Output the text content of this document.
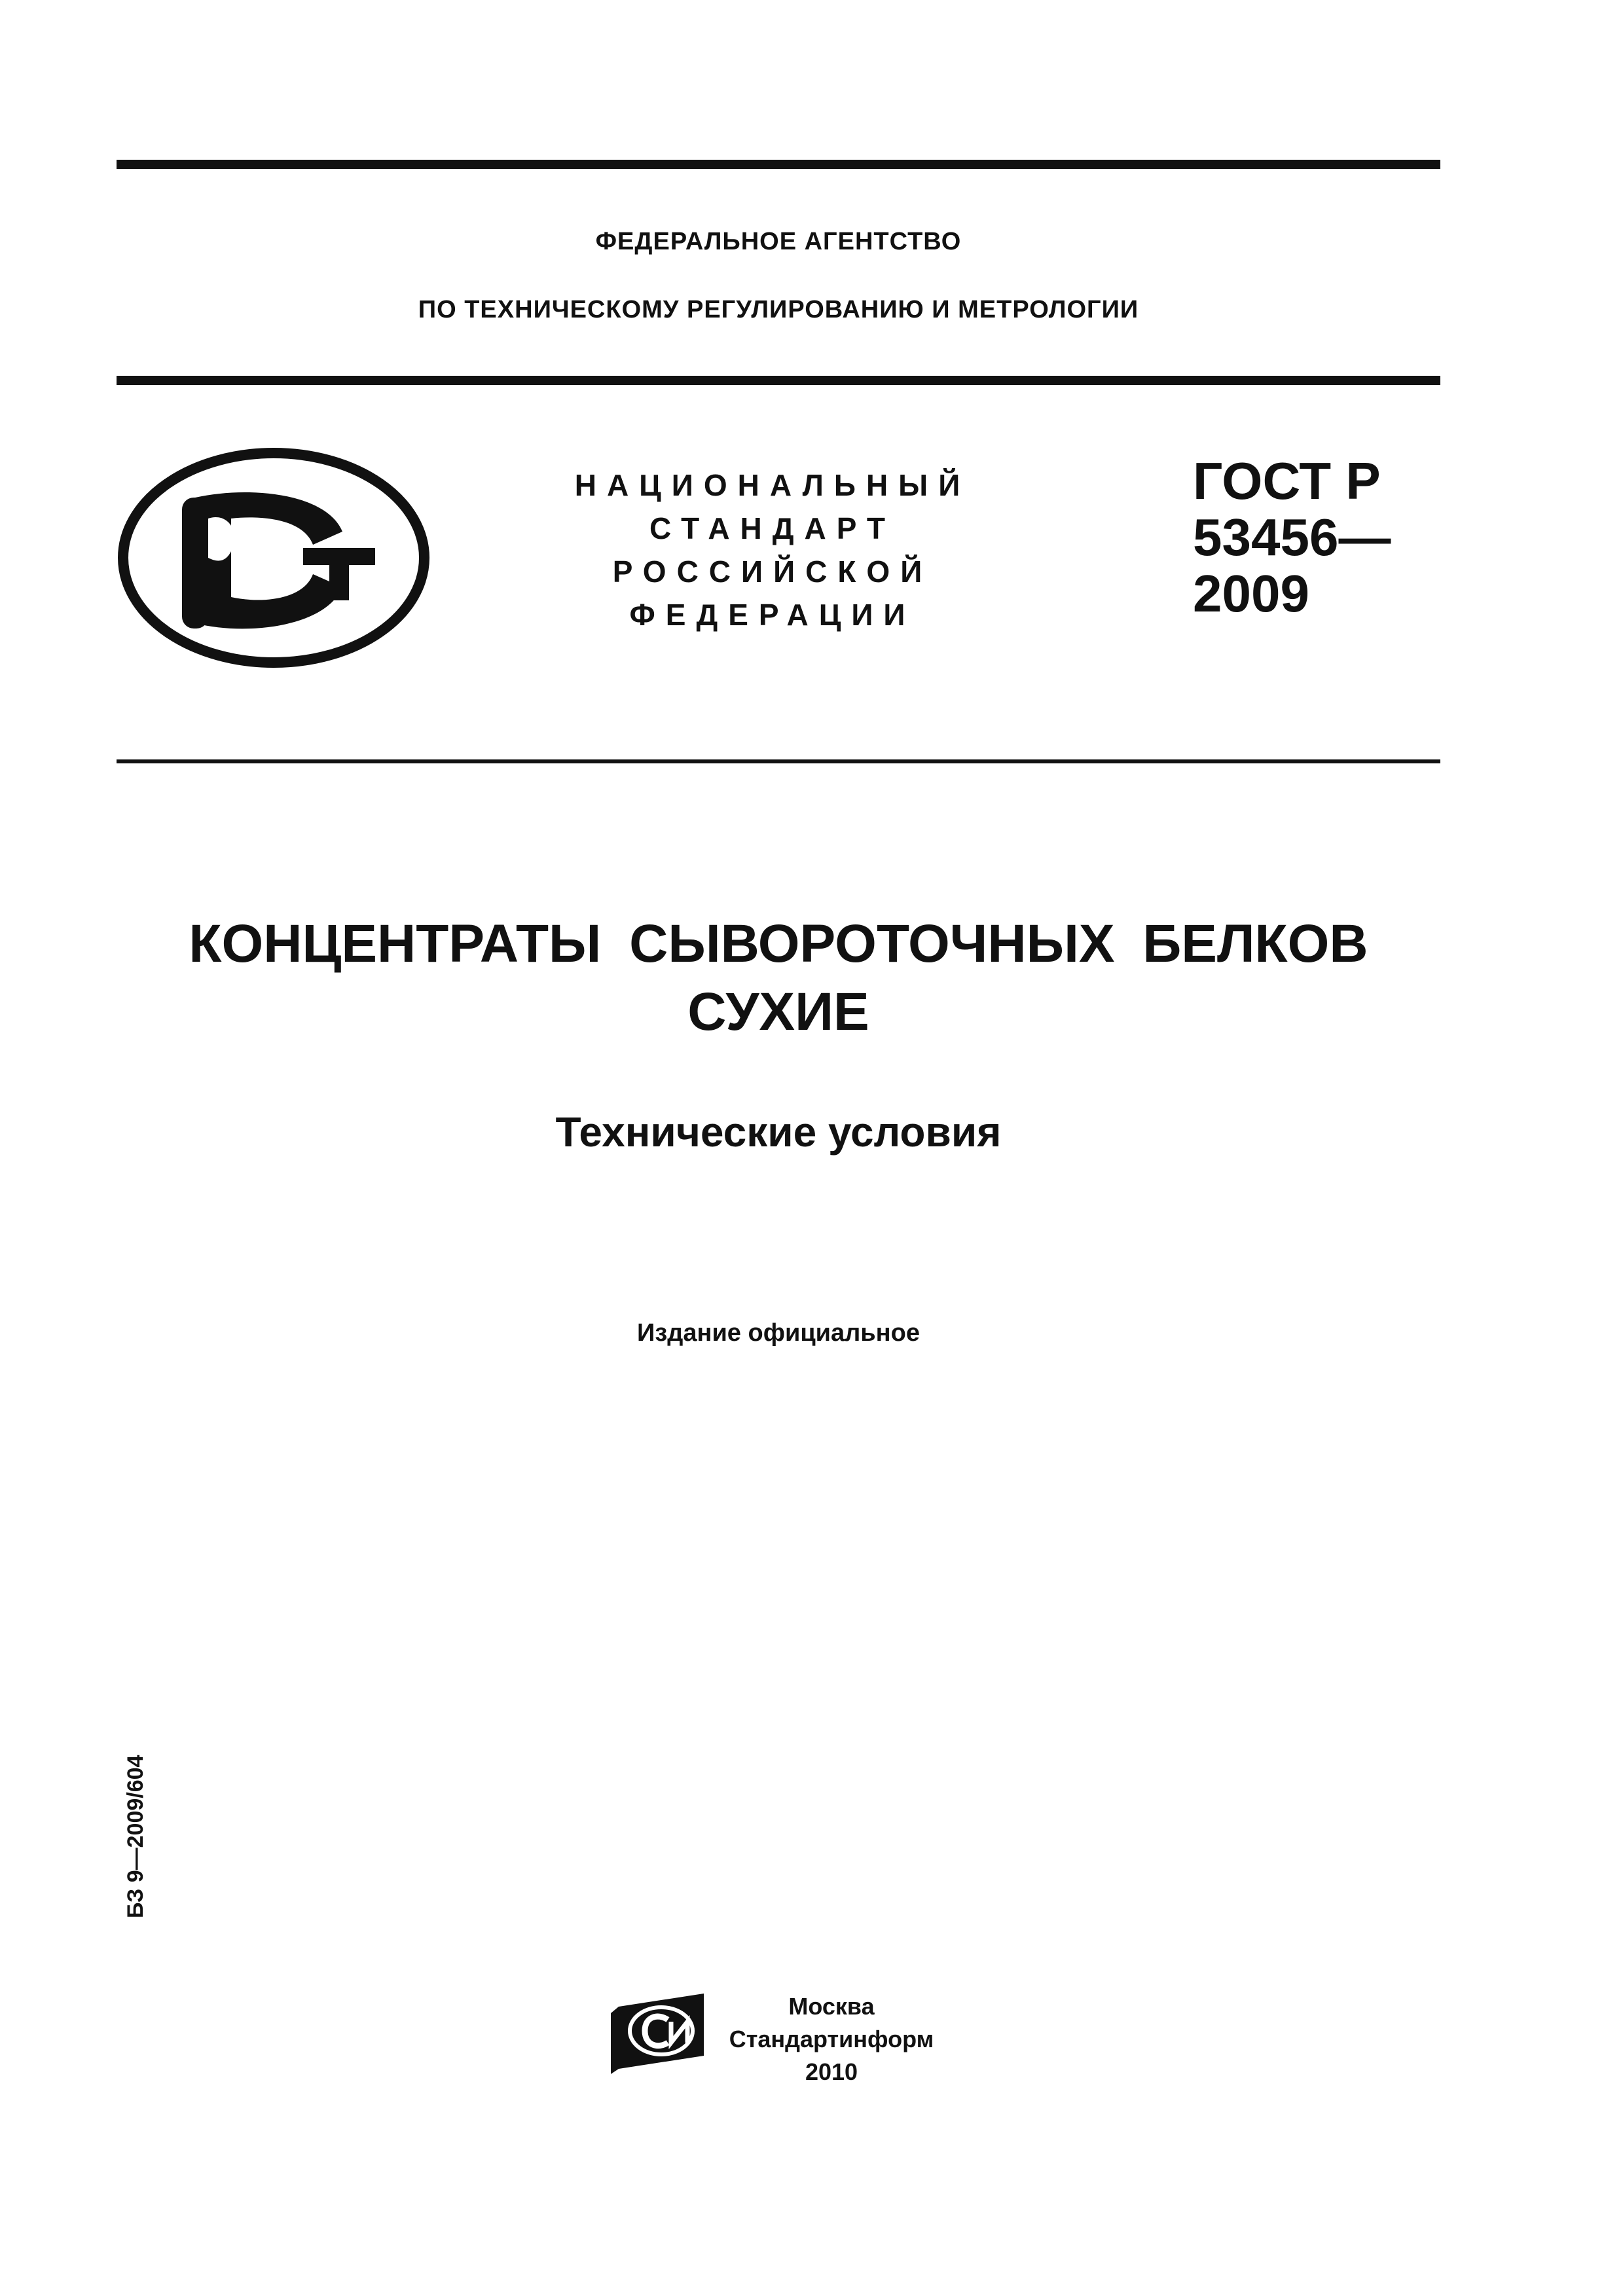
ФЕДЕРАЛЬНОЕ АГЕНТСТВО
ПО ТЕХНИЧЕСКОМУ РЕГУЛИРОВАНИЮ И МЕТРОЛОГИИ
НАЦИОНАЛЬНЫЙ
СТАНДАРТ
РОССИЙСКОЙ
ФЕДЕРАЦИИ
ГОСТ Р
53456—
2009
КОНЦЕНТРАТЫ СЫВОРОТОЧНЫХ БЕЛКОВ
СУХИЕ
Технические условия
Издание официальное
БЗ 9—2009/604
Москва
Стандартинформ
2010
